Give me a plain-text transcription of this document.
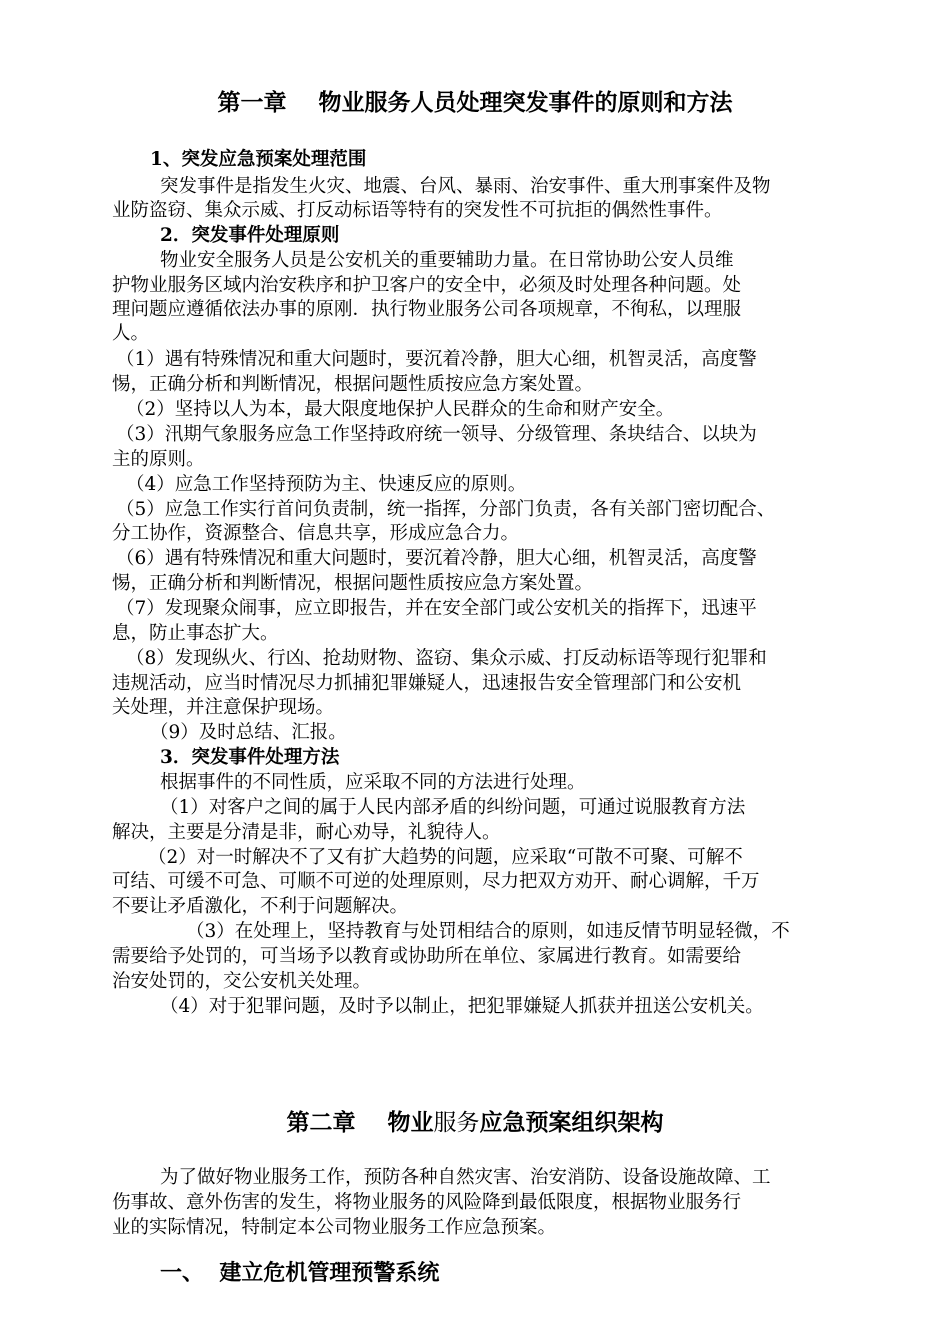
第一章    物业服务人员处理突发事件的原则和方法
1、突发应急预案处理范围
突发事件是指发生火灾、地震、台风、暴雨、治安事件、重大刑事案件及物
业防盗窃、集众示威、打反动标语等特有的突发性不可抗拒的偶然性事件。
2．突发事件处理原则
物业安全服务人员是公安机关的重要辅助力量。在日常协助公安人员维
护物业服务区域内治安秩序和护卫客户的安全中，必须及时处理各种问题。处
理问题应遵循依法办事的原刚．执行物业服务公司各项规章，不徇私，以理服
人。
（1）遇有特殊情况和重大问题时，要沉着冷静，胆大心细，机智灵活，高度警
惕，正确分析和判断情况，根据问题性质按应急方案处置。
（2）坚持以人为本，最大限度地保护人民群众的生命和财产安全。
（3）汛期气象服务应急工作坚持政府统一领导、分级管理、条块结合、以块为
主的原则。
（4）应急工作坚持预防为主、快速反应的原则。
（5）应急工作实行首问负责制，统一指挥，分部门负责，各有关部门密切配合、
分工协作，资源整合、信息共享，形成应急合力。
（6）遇有特殊情况和重大问题时，要沉着冷静，胆大心细，机智灵活，高度警
惕，正确分析和判断情况，根据问题性质按应急方案处置。
（7）发现聚众闹事，应立即报告，并在安全部门或公安机关的指挥下，迅速平
息，防止事态扩大。
（8）发现纵火、行凶、抢劫财物、盗窃、集众示威、打反动标语等现行犯罪和
违规活动，应当时情况尽力抓捕犯罪嫌疑人，迅速报告安全管理部门和公安机
关处理，并注意保护现场。
（9）及时总结、汇报。
3．突发事件处理方法
根据事件的不同性质，应采取不同的方法进行处理。
（1）对客户之间的属于人民内部矛盾的纠纷问题，可通过说服教育方法
解决，主要是分清是非，耐心劝导，礼貌待人。
（2）对一时解决不了又有扩大趋势的问题，应采取“可散不可聚、可解不
可结、可缓不可急、可顺不可逆的处理原则，尽力把双方劝开、耐心调解，千万
不要让矛盾激化，不利于问题解决。
（3）在处理上，坚持教育与处罚相结合的原则，如违反情节明显轻微，不
需要给予处罚的，可当场予以教育或协助所在单位、家属进行教育。如需要给
治安处罚的，交公安机关处理。
（4）对于犯罪问题，及时予以制止，把犯罪嫌疑人抓获并扭送公安机关。
第二章    物业服务应急预案组织架构
为了做好物业服务工作，预防各种自然灾害、治安消防、设备设施故障、工
伤事故、意外伤害的发生，将物业服务的风险降到最低限度，根据物业服务行
业的实际情况，特制定本公司物业服务工作应急预案。
一、  建立危机管理预警系统
